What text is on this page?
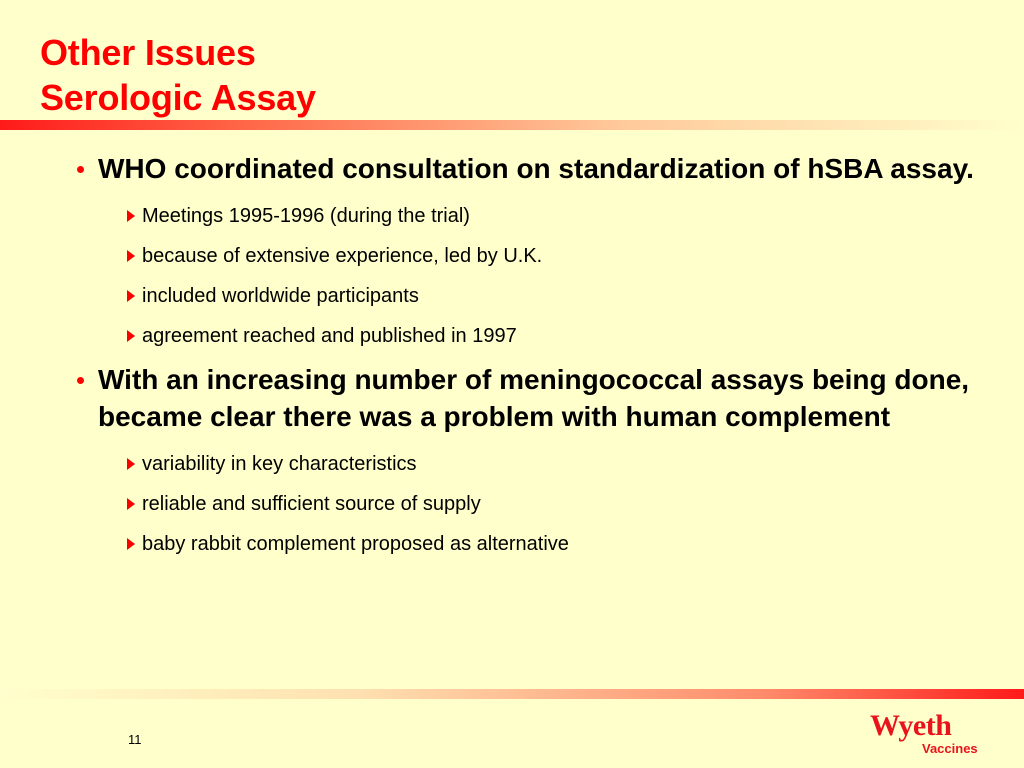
Other Issues
Serologic Assay
WHO coordinated consultation on standardization of hSBA assay.
Meetings 1995-1996 (during the trial)
because of extensive experience, led by U.K.
included worldwide participants
agreement reached and published in 1997
With an increasing number of meningococcal assays being done, became clear there was a problem with human complement
variability in key characteristics
reliable and sufficient source of supply
baby rabbit complement proposed as alternative
11	Wyeth
Vaccines
